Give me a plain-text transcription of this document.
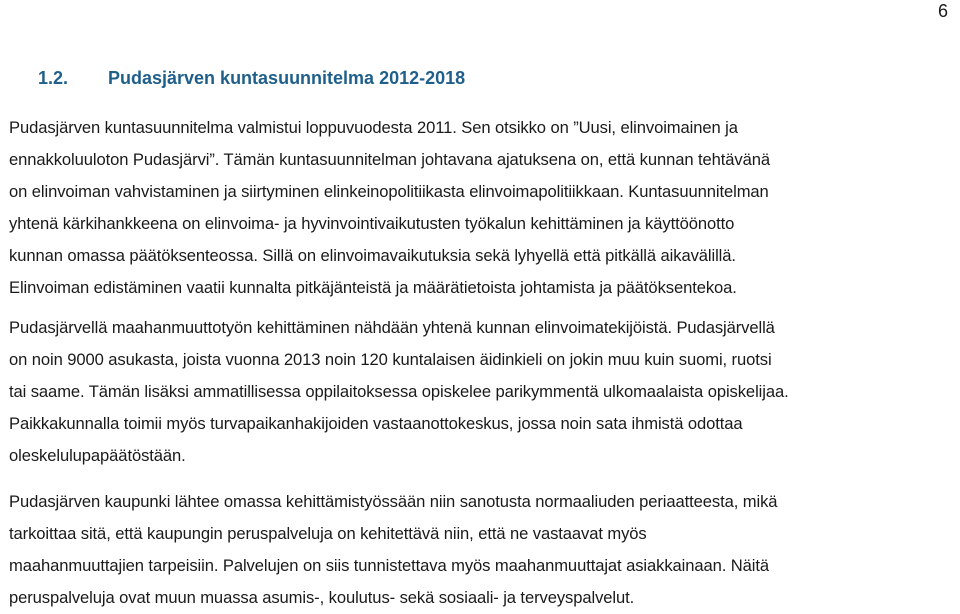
6
1.2. Pudasjärven kuntasuunnitelma 2012-2018
Pudasjärven kuntasuunnitelma valmistui loppuvuodesta 2011. Sen otsikko on ”Uusi, elinvoimainen ja
ennakkoluuloton Pudasjärvi”. Tämän kuntasuunnitelman johtavana ajatuksena on, että kunnan tehtävänä
on elinvoiman vahvistaminen ja siirtyminen elinkeinopolitiikasta elinvoimapolitiikkaan. Kuntasuunnitelman
yhtenä kärkihankkeena on elinvoima- ja hyvinvointivaikutusten työkalun kehittäminen ja käyttöönotto
kunnan omassa päätöksenteossa. Sillä on elinvoimavaikutuksia sekä lyhyellä että pitkällä aikavälillä.
Elinvoiman edistäminen vaatii kunnalta pitkäjänteistä ja määrätietoista johtamista ja päätöksentekoa.
Pudasjärvellä maahanmuuttotyön kehittäminen nähdään yhtenä kunnan elinvoimatekijöistä. Pudasjärvellä
on noin 9000 asukasta, joista vuonna 2013 noin 120 kuntalaisen äidinkieli on jokin muu kuin suomi, ruotsi
tai saame. Tämän lisäksi ammatillisessa oppilaitoksessa opiskelee parikymmentä ulkomaalaista opiskelijaa.
Paikkakunnalla toimii myös turvapaikanhakijoiden vastaanottokeskus, jossa noin sata ihmistä odottaa
oleskelulupapäätöstään.
Pudasjärven kaupunki lähtee omassa kehittämistyössään niin sanotusta normaaliuden periaatteesta, mikä
tarkoittaa sitä, että kaupungin peruspalveluja on kehitettävä niin, että ne vastaavat myös
maahanmuuttajien tarpeisiin. Palvelujen on siis tunnistettava myös maahanmuuttajat asiakkainaan. Näitä
peruspalveluja ovat muun muassa asumis-, koulutus- sekä sosiaali- ja terveyspalvelut.
